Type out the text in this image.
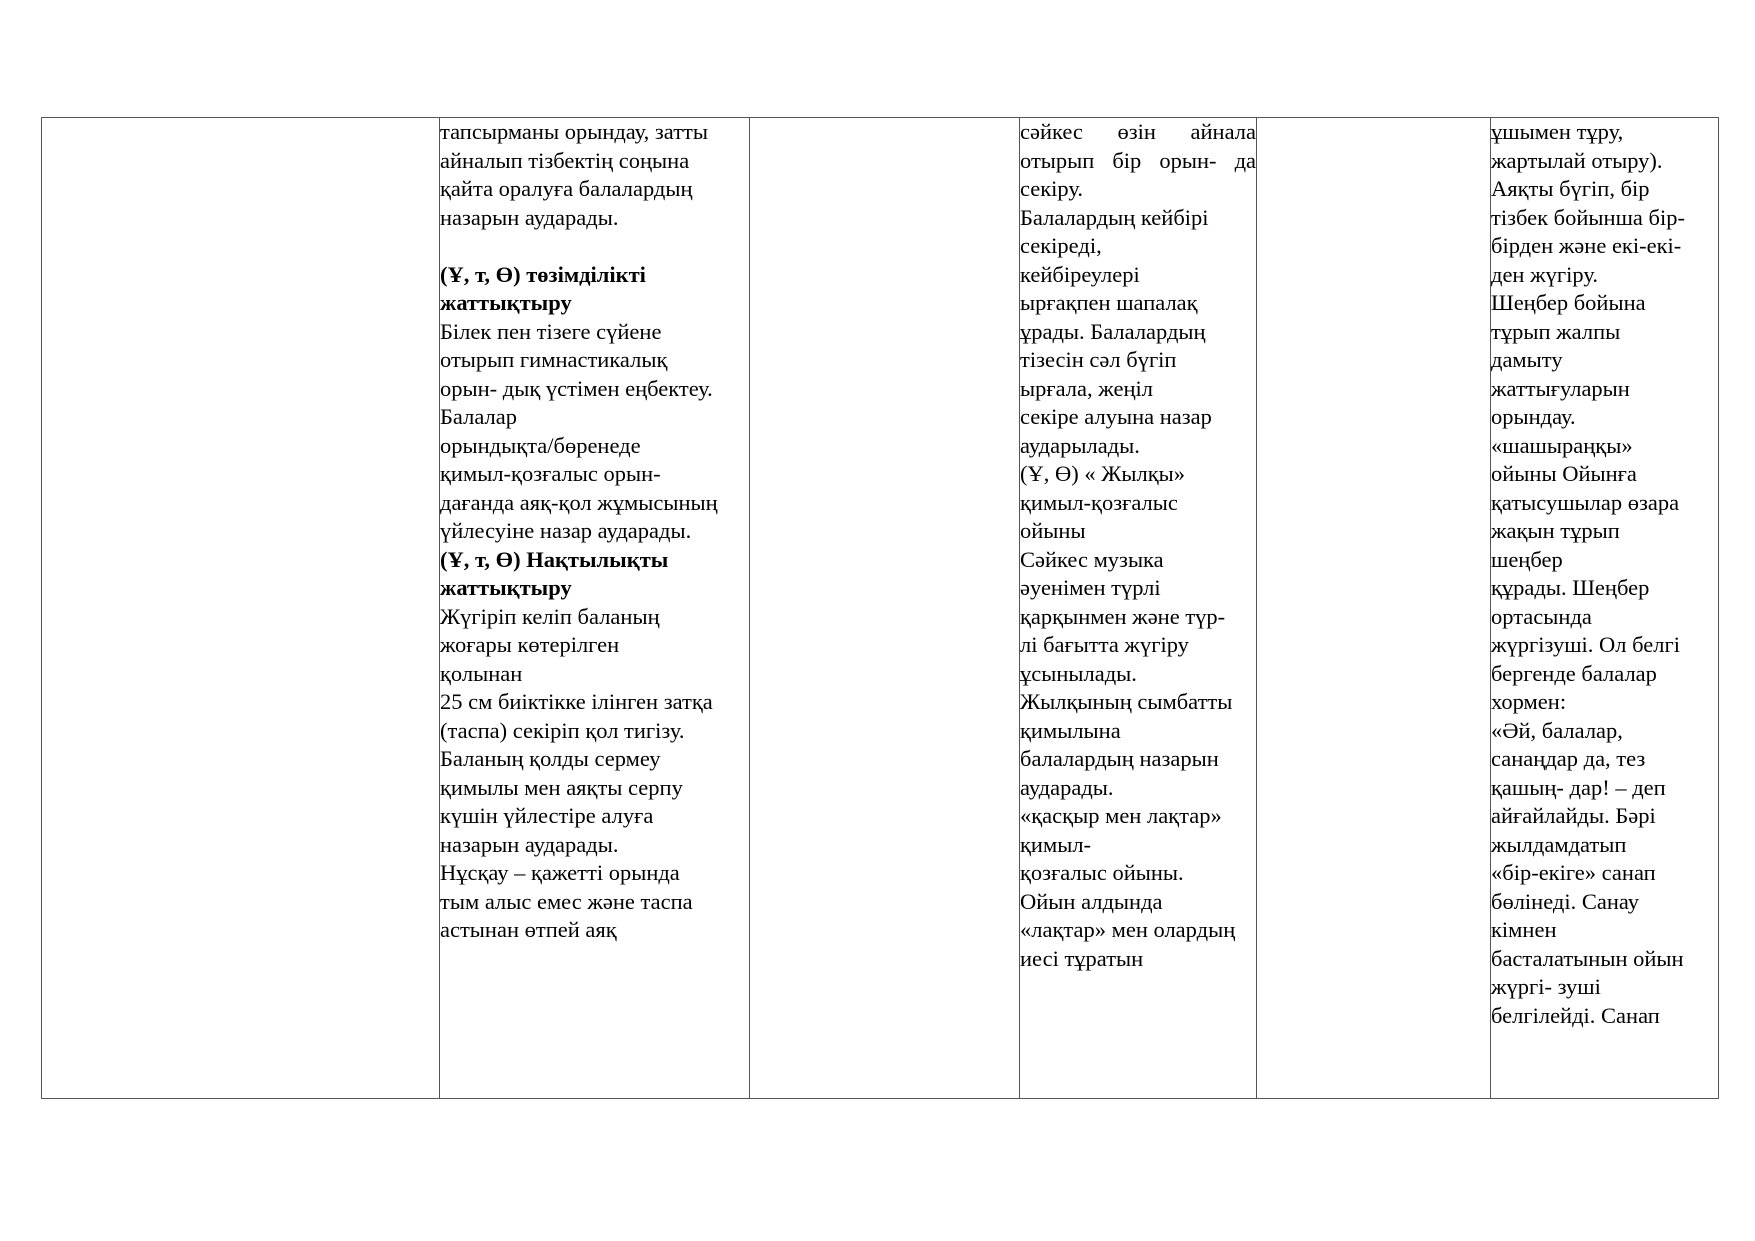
тапсырманы орындау, затты
айналып тізбектің соңына
қайта оралуға балалардың
назарын аударады.
(Ұ, т, Ө) төзімділікті
жаттықтыру
Білек пен тізеге сүйене
отырып гимнастикалық
орын- дық үстімен еңбектеу.
Балалар
орындықта/бөренеде
қимыл-қозғалыс орын-
дағанда аяқ-қол жұмысының
үйлесуіне назар аударады.
(Ұ, т, Ө) Нақтылықты
жаттықтыру
Жүгіріп келіп баланың
жоғары көтерілген
қолынан
25 см биіктікке ілінген затқа
(таспа) секіріп қол тигізу.
Баланың қолды сермеу
қимылы мен аяқты серпу
күшін үйлестіре алуға
назарын аударады.
Нұсқау – қажетті орында
тым алыс емес және таспа
астынан өтпей аяқ
сәйкес өзін айнала
отырып бір орын- да
секіру.
Балалардың кейбірі
секіреді,
кейбіреулері
ырғақпен шапалақ
ұрады. Балалардың
тізесін сәл бүгіп
ырғала, жеңіл
секіре алуына назар
аударылады.
(Ұ, Ө) « Жылқы»
қимыл-қозғалыс
ойыны
Сәйкес музыка
әуенімен түрлі
қарқынмен және түр-
лі бағытта жүгіру
ұсынылады.
Жылқының сымбатты
қимылына
балалардың назарын
аударады.
«қасқыр мен лақтар»
қимыл-
қозғалыс ойыны.
Ойын алдында
«лақтар» мен олардың
иесі тұратын
ұшымен тұру,
жартылай отыру).
Аяқты бүгіп, бір
тізбек бойынша бір-
бірден және екі-екі-
ден жүгіру.
Шеңбер бойына
тұрып жалпы
дамыту
жаттығуларын
орындау.
«шашыраңқы»
ойыны Ойынға
қатысушылар өзара
жақын тұрып
шеңбер
құрады. Шеңбер
ортасында
жүргізуші. Ол белгі
бергенде балалар
хормен:
«Әй, балалар,
санаңдар да, тез
қашың- дар! – деп
айғайлайды. Бәрі
жылдамдатып
«бір-екіге» санап
бөлінеді. Санау
кімнен
басталатынын ойын
жүргі- зуші
белгілейді. Санап
